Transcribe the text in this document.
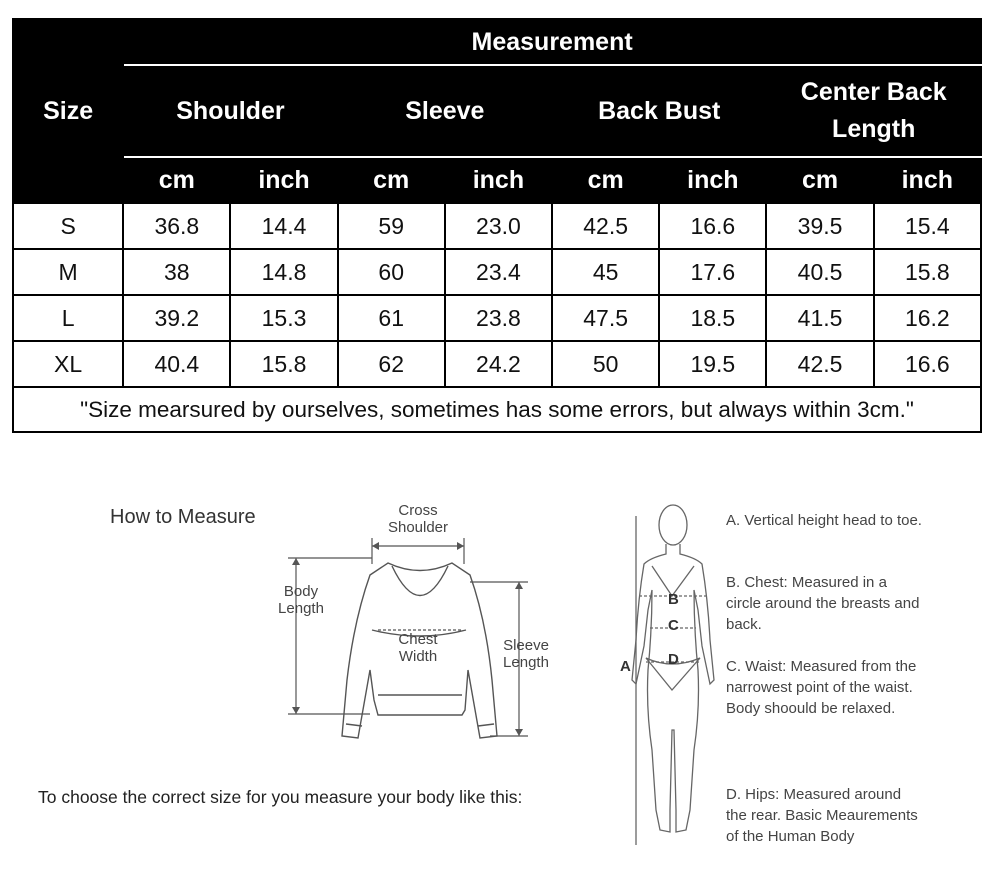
Size	Measurement							
	Shoulder		Sleeve		Back Bust		Center Back Length	
	cm	inch	cm	inch	cm	inch	cm	inch
S	36.8	14.4	59	23.0	42.5	16.6	39.5	15.4
M	38	14.8	60	23.4	45	17.6	40.5	15.8
L	39.2	15.3	61	23.8	47.5	18.5	41.5	16.2
XL	40.4	15.8	62	24.2	50	19.5	42.5	16.6
"Size mearsured by ourselves, sometimes has some errors, but always within 3cm."								
How to Measure	Cross Shoulder
Body Length
Chest Width
Sleeve Length	A
B
C
D
A. Vertical height head to toe.
B. Chest: Measured in a circle around the breasts and back.
C. Waist: Measured from the narrowest point of the waist. Body shoould be relaxed.
D. Hips: Measured around the rear. Basic Meaurements of the Human Body
To choose the correct size for you measure your body like this:
